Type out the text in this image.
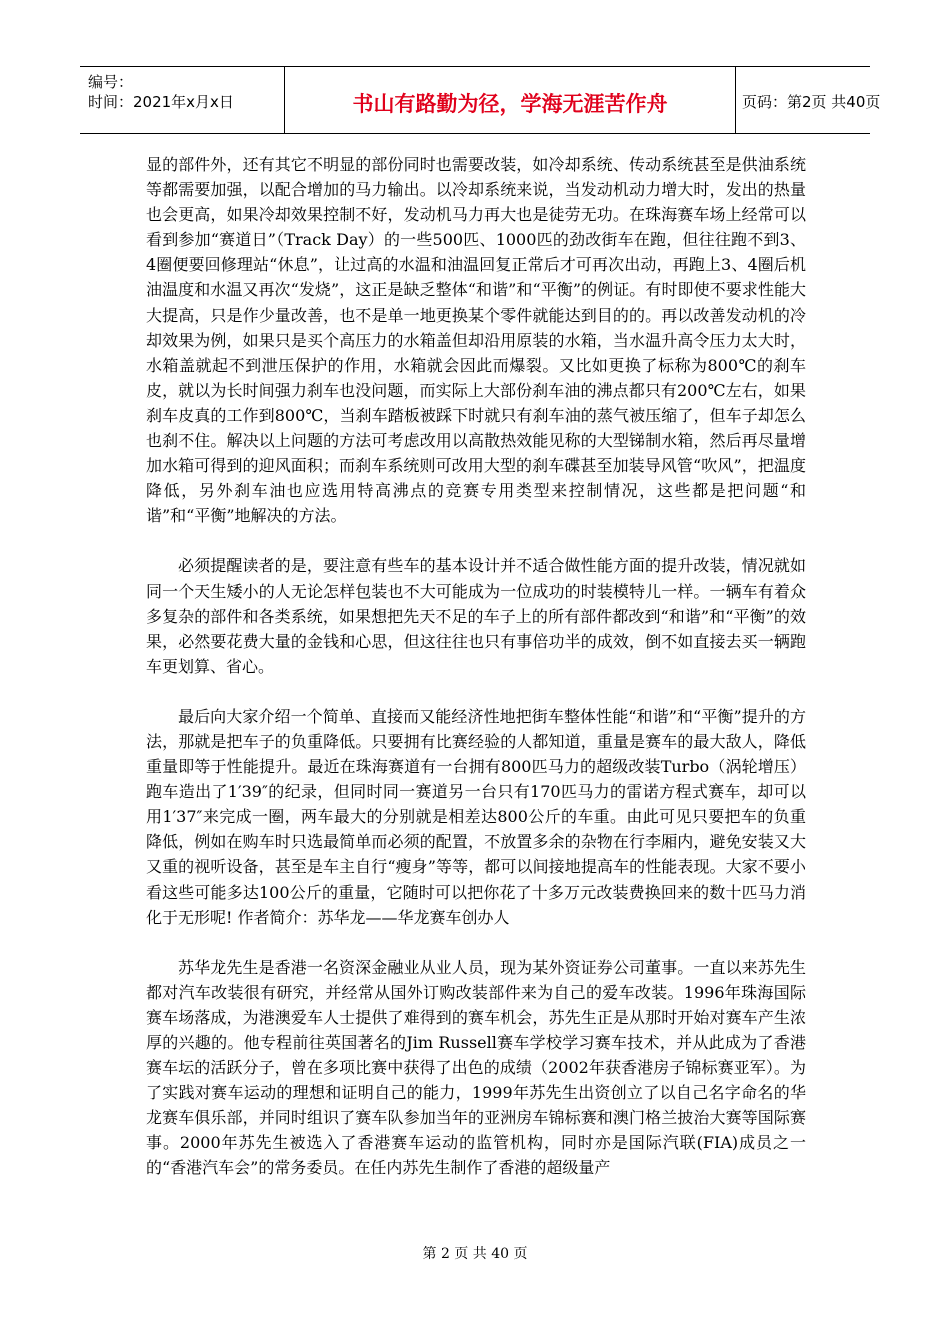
编号：
时间：2021年x月x日	书山有路勤为径，学海无涯苦作舟	页码：第2页 共40页

显的部件外，还有其它不明显的部份同时也需要改装，如冷却系统、传动系统甚至是供油系统等都需要加强，以配合增加的马力输出。以冷却系统来说，当发动机动力增大时，发出的热量也会更高，如果冷却效果控制不好，发动机马力再大也是徒劳无功。在珠海赛车场上经常可以看到参加“赛道日”（Track Day）的一些500匹、1000匹的劲改街车在跑，但往往跑不到3、4圈便要回修理站“休息”，让过高的水温和油温回复正常后才可再次出动，再跑上3、4圈后机油温度和水温又再次“发烧”，这正是缺乏整体“和谐”和“平衡”的例证。有时即使不要求性能大大提高，只是作少量改善，也不是单一地更换某个零件就能达到目的的。再以改善发动机的冷却效果为例，如果只是买个高压力的水箱盖但却沿用原装的水箱，当水温升高令压力太大时，水箱盖就起不到泄压保护的作用，水箱就会因此而爆裂。又比如更换了标称为800℃的刹车皮，就以为长时间强力刹车也没问题，而实际上大部份刹车油的沸点都只有200℃左右，如果刹车皮真的工作到800℃，当刹车踏板被踩下时就只有刹车油的蒸气被压缩了，但车子却怎么也刹不住。解决以上问题的方法可考虑改用以高散热效能见称的大型锑制水箱，然后再尽量增加水箱可得到的迎风面积；而刹车系统则可改用大型的刹车碟甚至加装导风管“吹风”，把温度降低，另外刹车油也应选用特高沸点的竞赛专用类型来控制情况，这些都是把问题“和谐”和“平衡”地解决的方法。

必须提醒读者的是，要注意有些车的基本设计并不适合做性能方面的提升改装，情况就如同一个天生矮小的人无论怎样包装也不大可能成为一位成功的时装模特儿一样。一辆车有着众多复杂的部件和各类系统，如果想把先天不足的车子上的所有部件都改到“和谐”和“平衡”的效果，必然要花费大量的金钱和心思，但这往往也只有事倍功半的成效，倒不如直接去买一辆跑车更划算、省心。

最后向大家介绍一个简单、直接而又能经济性地把街车整体性能“和谐”和“平衡”提升的方法，那就是把车子的负重降低。只要拥有比赛经验的人都知道，重量是赛车的最大敌人，降低重量即等于性能提升。最近在珠海赛道有一台拥有800匹马力的超级改装Turbo（涡轮增压）跑车造出了1′39″的纪录，但同时同一赛道另一台只有170匹马力的雷诺方程式赛车，却可以用1′37″来完成一圈，两车最大的分别就是相差达800公斤的车重。由此可见只要把车的负重降低，例如在购车时只选最简单而必须的配置，不放置多余的杂物在行李厢内，避免安装又大又重的视听设备，甚至是车主自行“瘦身”等等，都可以间接地提高车的性能表现。大家不要小看这些可能多达100公斤的重量，它随时可以把你花了十多万元改装费换回来的数十匹马力消化于无形呢! 作者简介：苏华龙——华龙赛车创办人

苏华龙先生是香港一名资深金融业从业人员，现为某外资证券公司董事。一直以来苏先生都对汽车改装很有研究，并经常从国外订购改装部件来为自己的爱车改装。1996年珠海国际赛车场落成，为港澳爱车人士提供了难得到的赛车机会，苏先生正是从那时开始对赛车产生浓厚的兴趣的。他专程前往英国著名的Jim Russell赛车学校学习赛车技术，并从此成为了香港赛车坛的活跃分子，曾在多项比赛中获得了出色的成绩（2002年获香港房子锦标赛亚军）。为了实践对赛车运动的理想和证明自己的能力，1999年苏先生出资创立了以自己名字命名的华龙赛车俱乐部，并同时组识了赛车队参加当年的亚洲房车锦标赛和澳门格兰披治大赛等国际赛事。2000年苏先生被选入了香港赛车运动的监管机构，同时亦是国际汽联(FIA)成员之一的“香港汽车会”的常务委员。在任内苏先生制作了香港的超级量产

第 2 页 共 40 页
